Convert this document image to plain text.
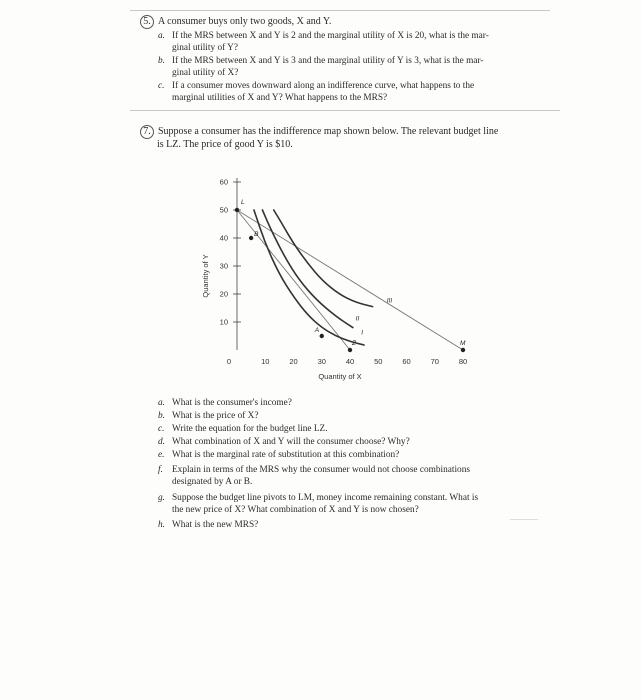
5. A consumer buys only two goods, X and Y.
a. If the MRS between X and Y is 2 and the marginal utility of X is 20, what is the mar-
ginal utility of Y?
b. If the MRS between X and Y is 3 and the marginal utility of Y is 3, what is the mar-
ginal utility of X?
c. If a consumer moves downward along an indifference curve, what happens to the
marginal utilities of X and Y? What happens to the MRS?
7. Suppose a consumer has the indifference map shown below. The relevant budget line
is LZ. The price of good Y is $10.
10
20
30
40
50
60
0	10	20	30	40	50	60	70	80
Quantity of X
Quantity of Y
I
II
III
L
B
A
Z	M
a. What is the consumer's income?
b. What is the price of X?
c. Write the equation for the budget line LZ.
d. What combination of X and Y will the consumer choose? Why?
e. What is the marginal rate of substitution at this combination?
f. Explain in terms of the MRS why the consumer would not choose combinations
designated by A or B.
g. Suppose the budget line pivots to LM, money income remaining constant. What is
the new price of X? What combination of X and Y is now chosen?
h. What is the new MRS?
